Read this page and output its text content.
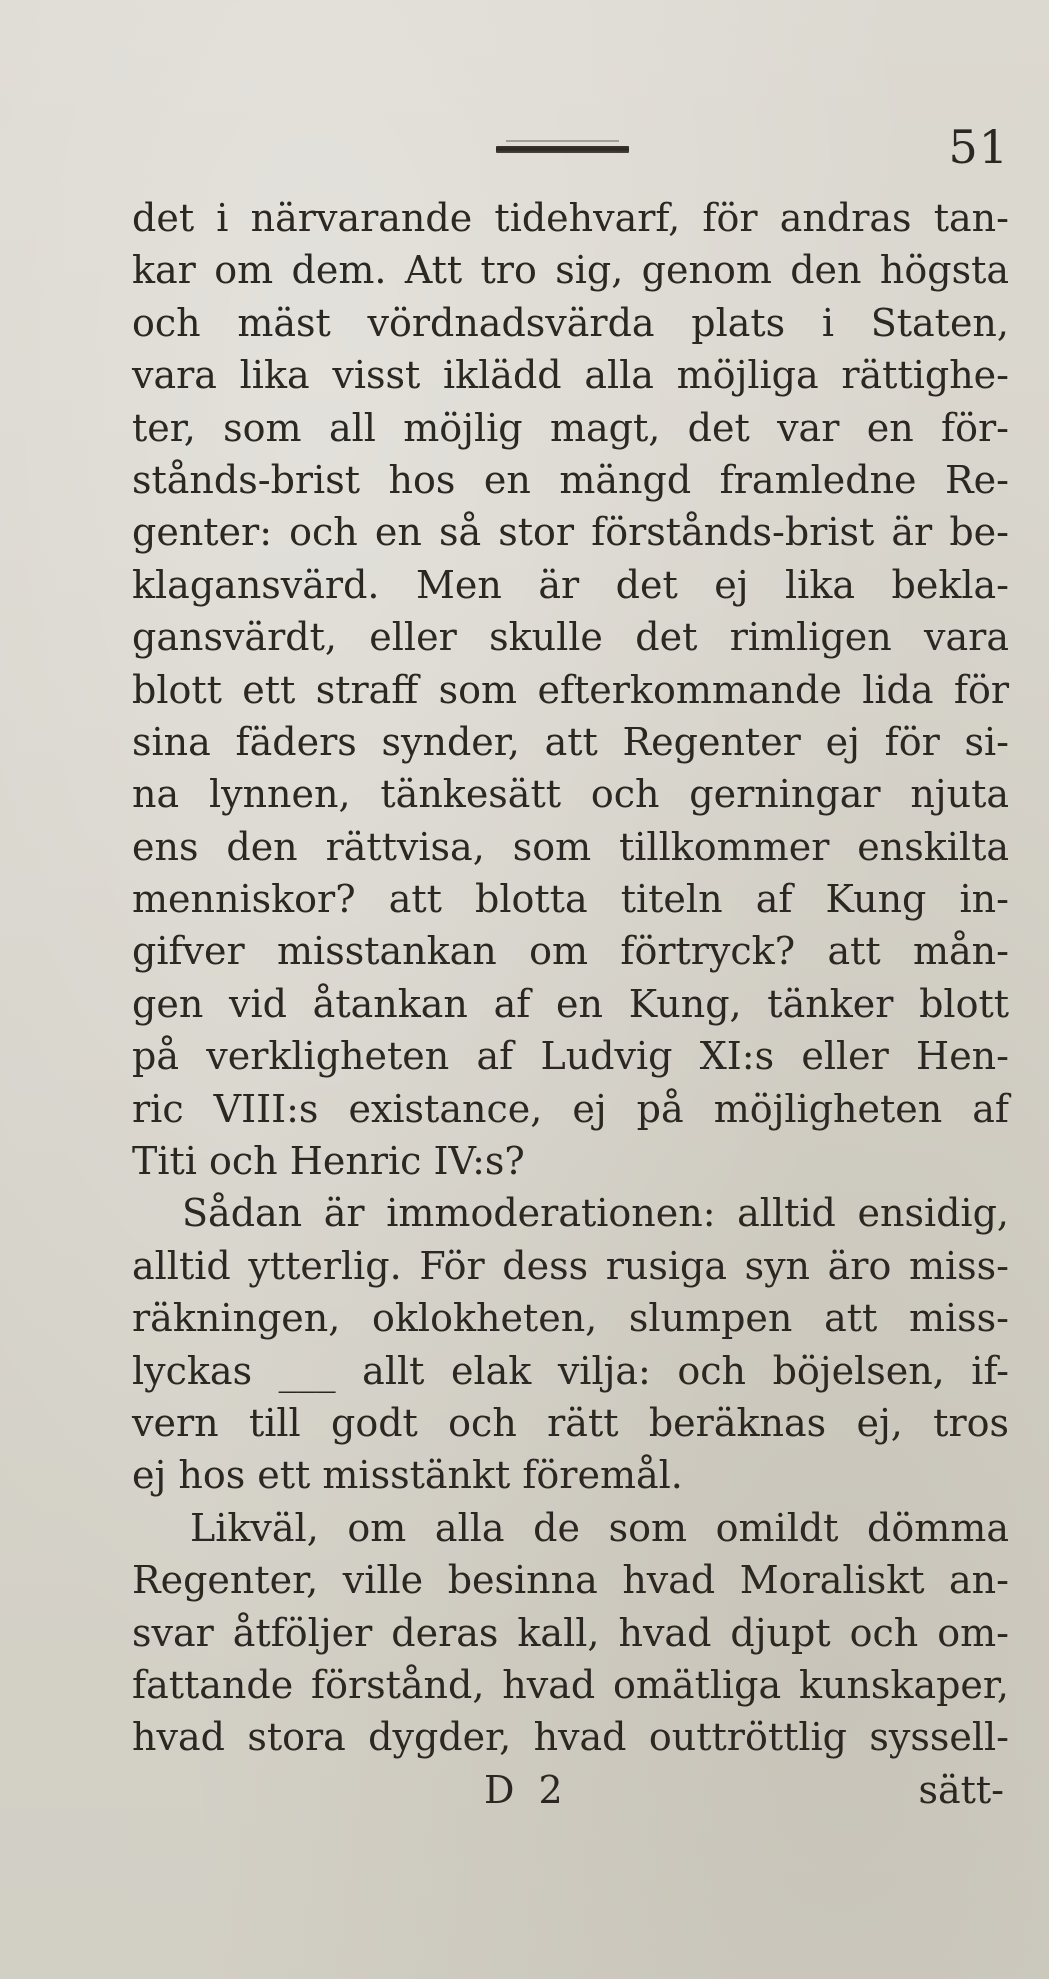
51
det i närvarande tidehvarf, för andras tan-
kar om dem. Att tro sig, genom den högsta
och mäst vördnadsvärda plats i Staten,
vara lika visst iklädd alla möjliga rättighe-
ter, som all möjlig magt, det var en för-
stånds-brist hos en mängd framledne Re-
genter: och en så stor förstånds-brist är be-
klagansvärd. Men är det ej lika bekla-
gansvärdt, eller skulle det rimligen vara
blott ett straff som efterkommande lida för
sina fäders synder, att Regenter ej för si-
na lynnen, tänkesätt och gerningar njuta
ens den rättvisa, som tillkommer enskilta
menniskor? att blotta titeln af Kung in-
gifver misstankan om förtryck? att mån-
gen vid åtankan af en Kung, tänker blott
på verkligheten af Ludvig XI:s eller Hen-
ric VIII:s existance, ej på möjligheten af
Titi och Henric IV:s?
Sådan är immoderationen: alltid ensidig,
alltid ytterlig. För dess rusiga syn äro miss-
räkningen, oklokheten, slumpen att miss-
lyckas ___ allt elak vilja: och böjelsen, if-
vern till godt och rätt beräknas ej, tros
ej hos ett misstänkt föremål.
Likväl, om alla de som omildt dömma
Regenter, ville besinna hvad Moraliskt an-
svar åtföljer deras kall, hvad djupt och om-
fattande förstånd, hvad omätliga kunskaper,
hvad stora dygder, hvad outtröttlig syssell-
D 2	sätt-
